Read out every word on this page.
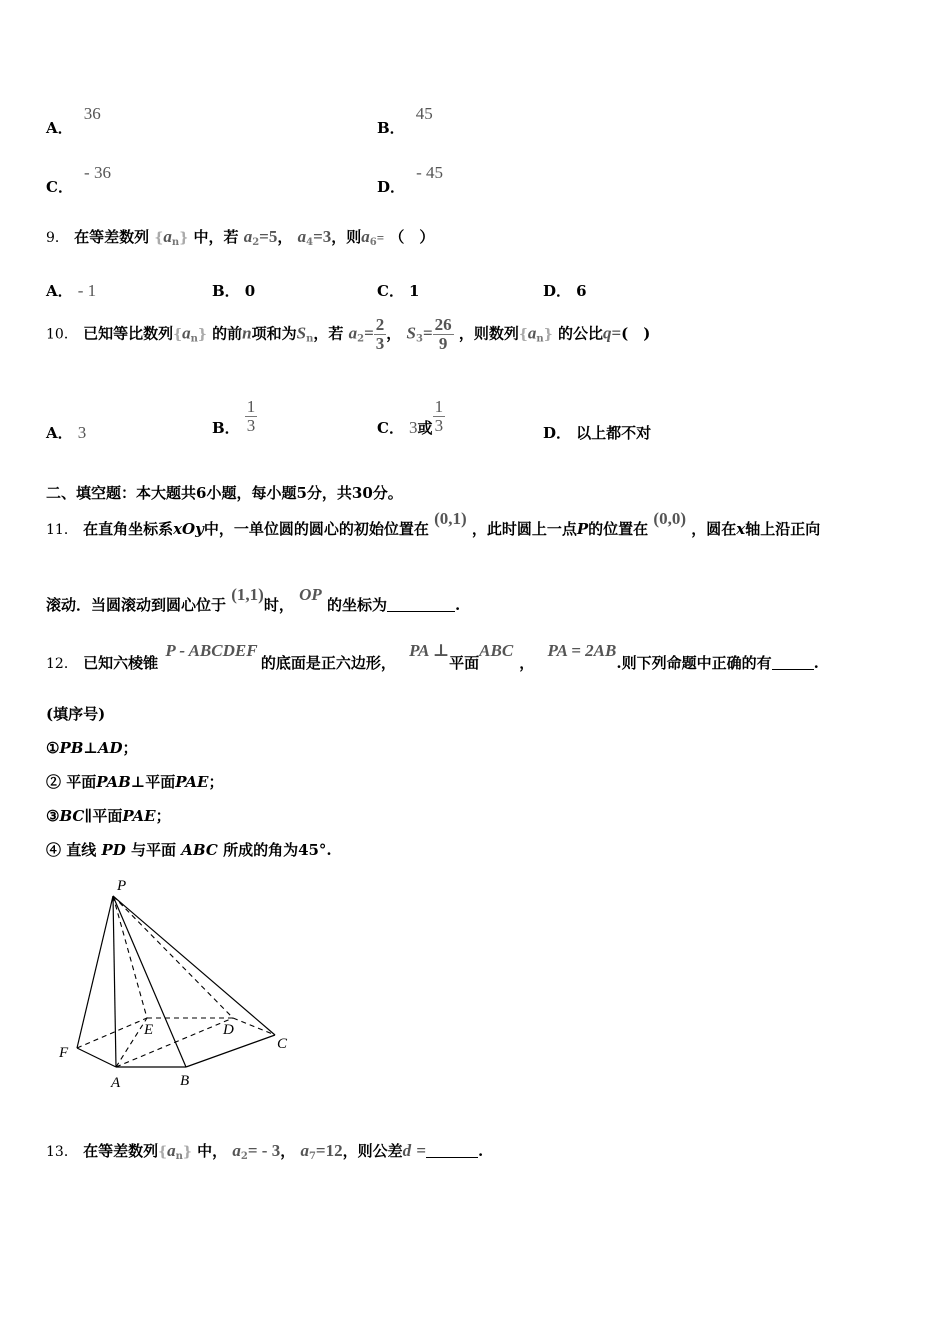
A． 36
B． 45
C． - 36
D． - 45
9． 在等差数列 $\{a_n\}$ 中，若 $a_2=5$， $a_4=3$，则$a_6=$ （　）
A． - 1	B． 0	C． 1	D． 6
10． 已知等比数列$\{a_n\}$ 的前n项和为$S_n$，若 $a_2= \frac{2}{3}$ ， $S_3= \frac{26}{9}$ ，则数列$\{a_n\}$ 的公比q=(　)
A． 3	B． $\frac{1}{3}$	C． 3或 $\frac{1}{3}$	D． 以上都不对
二、填空题：本大题共6小题，每小题5分，共30分。
11． 在直角坐标系xOy中，一单位圆的圆心的初始位置在 (0,1) ，此时圆上一点P的位置在 (0,0) ，圆在x轴上沿正向
滚动．当圆滚动到圆心位于 (1,1)时， OP 的坐标为	.
12． 已知六棱锥 P - ABCDEF 的底面是正六边形， PA ⊥平面ABC， PA = 2AB.则下列命题中正确的有	.
(填序号)
①PB⊥AD；
② 平面PAB⊥平面PAE；
③BC∥平面PAE；
④ 直线 PD 与平面 ABC 所成的角为45°.
P
E	D
F
C
A	B
13． 在等差数列$\{a_n\}$ 中， $a_2= - 3$， $a_7=12$，则公差d =	.
